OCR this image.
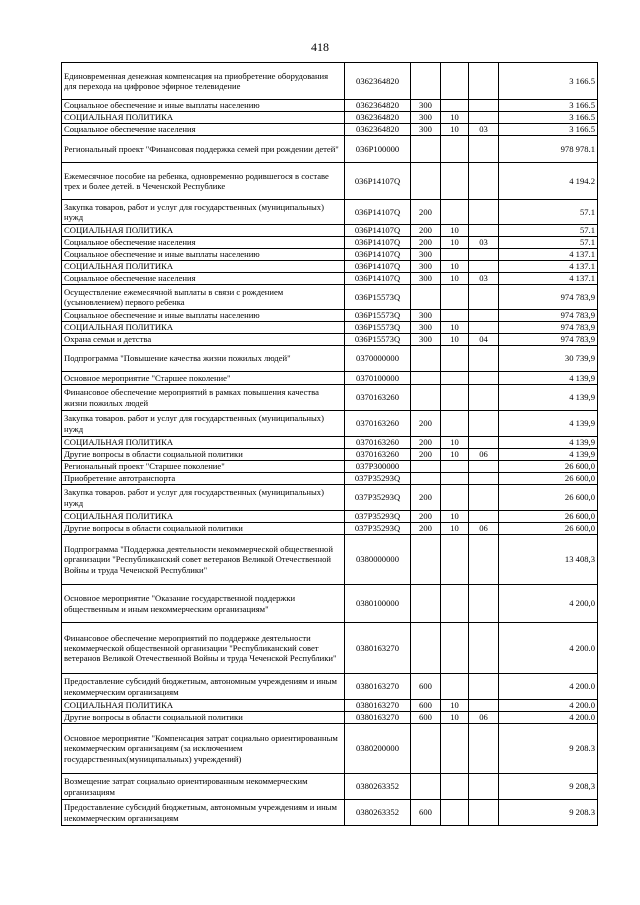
418
Единовременная денежная компенсация на приобретение оборудования для перехода на цифровое эфирное телевидение	0362364820				3 166.5
Социальное обеспечение и иные выплаты населению	0362364820	300			3 166.5
СОЦИАЛЬНАЯ ПОЛИТИКА	0362364820	300	10		3 166.5
Социальное обеспечение населения	0362364820	300	10	03	3 166.5
Региональный проект "Финансовая поддержка семей при рождении детей"	036P100000				978 978.1
Ежемесячное пособие на ребенка, одновременно родившегося в составе трех и более детей. в Чеченской Республике	036P14107Q				4 194.2
Закупка товаров, работ и услуг для государственных (муниципальных) нужд	036P14107Q	200			57.1
СОЦИАЛЬНАЯ ПОЛИТИКА	036P14107Q	200	10		57.1
Социальное обеспечение населения	036P14107Q	200	10	03	57.1
Социальное обеспечение и иные выплаты населению	036P14107Q	300			4 137.1
СОЦИАЛЬНАЯ ПОЛИТИКА	036P14107Q	300	10		4 137.1
Социальное обеспечение населения	036P14107Q	300	10	03	4 137.1
Осуществление ежемесячной выплаты в связи с рождением (усыновлением) первого ребенка	036P15573Q				974 783,9
Социальное обеспечение и иные выплаты населению	036P15573Q	300			974 783,9
СОЦИАЛЬНАЯ ПОЛИТИКА	036P15573Q	300	10		974 783,9
Охрана семьи и детства	036P15573Q	300	10	04	974 783,9
Подпрограмма "Повышение качества жизни пожилых людей"	0370000000				30 739,9
Основное мероприятие "Старшее поколение"	0370100000				4 139,9
Финансовое обеспечение мероприятий в рамках повышения качества жизни пожилых людей	0370163260				4 139,9
Закупка товаров. работ и услуг для государственных (муниципальных) нужд	0370163260	200			4 139,9
СОЦИАЛЬНАЯ ПОЛИТИКА	0370163260	200	10		4 139,9
Другие вопросы в области социальной политики	0370163260	200	10	06	4 139,9
Региональный проект "Старшее поколение"	037P300000				26 600,0
Приобретение автотранспорта	037P35293Q				26 600,0
Закупка товаров. работ и услуг для государственных (муниципальных) нужд	037P35293Q	200			26 600,0
СОЦИАЛЬНАЯ ПОЛИТИКА	037P35293Q	200	10		26 600,0
Другие вопросы в области социальной политики	037P35293Q	200	10	06	26 600,0
Подпрограмма "Поддержка деятельности некоммерческой общественной организации "Республиканский совет ветеранов Великой Отечественной Войны и труда Чеченской Республики"	0380000000				13 408,3
Основное мероприятие "Оказание государственной поддержки общественным и иным некоммерческим организациям"	0380100000				4 200,0
Финансовое обеспечение мероприятий по поддержке деятельности некоммерческой общественной организации "Республиканский совет ветеранов Великой Отечественной Войны и труда Чеченской Республики"	0380163270				4 200.0
Предоставление субсидий бюджетным, автономным учреждениям и иным некоммерческим организациям	0380163270	600			4 200.0
СОЦИАЛЬНАЯ ПОЛИТИКА	0380163270	600	10		4 200.0
Другие вопросы в области социальной политики	0380163270	600	10	06	4 200.0
Основное мероприятие "Компенсация затрат социально ориентированным некоммерческим организациям (за исключением государственных(муниципальных) учреждений)	0380200000				9 208.3
Возмещение затрат социально ориентированным некоммерческим организациям	0380263352				9 208,3
Предоставление субсидий бюджетным, автономным учреждениям и иным некоммерческим организациям	0380263352	600			9 208.3
